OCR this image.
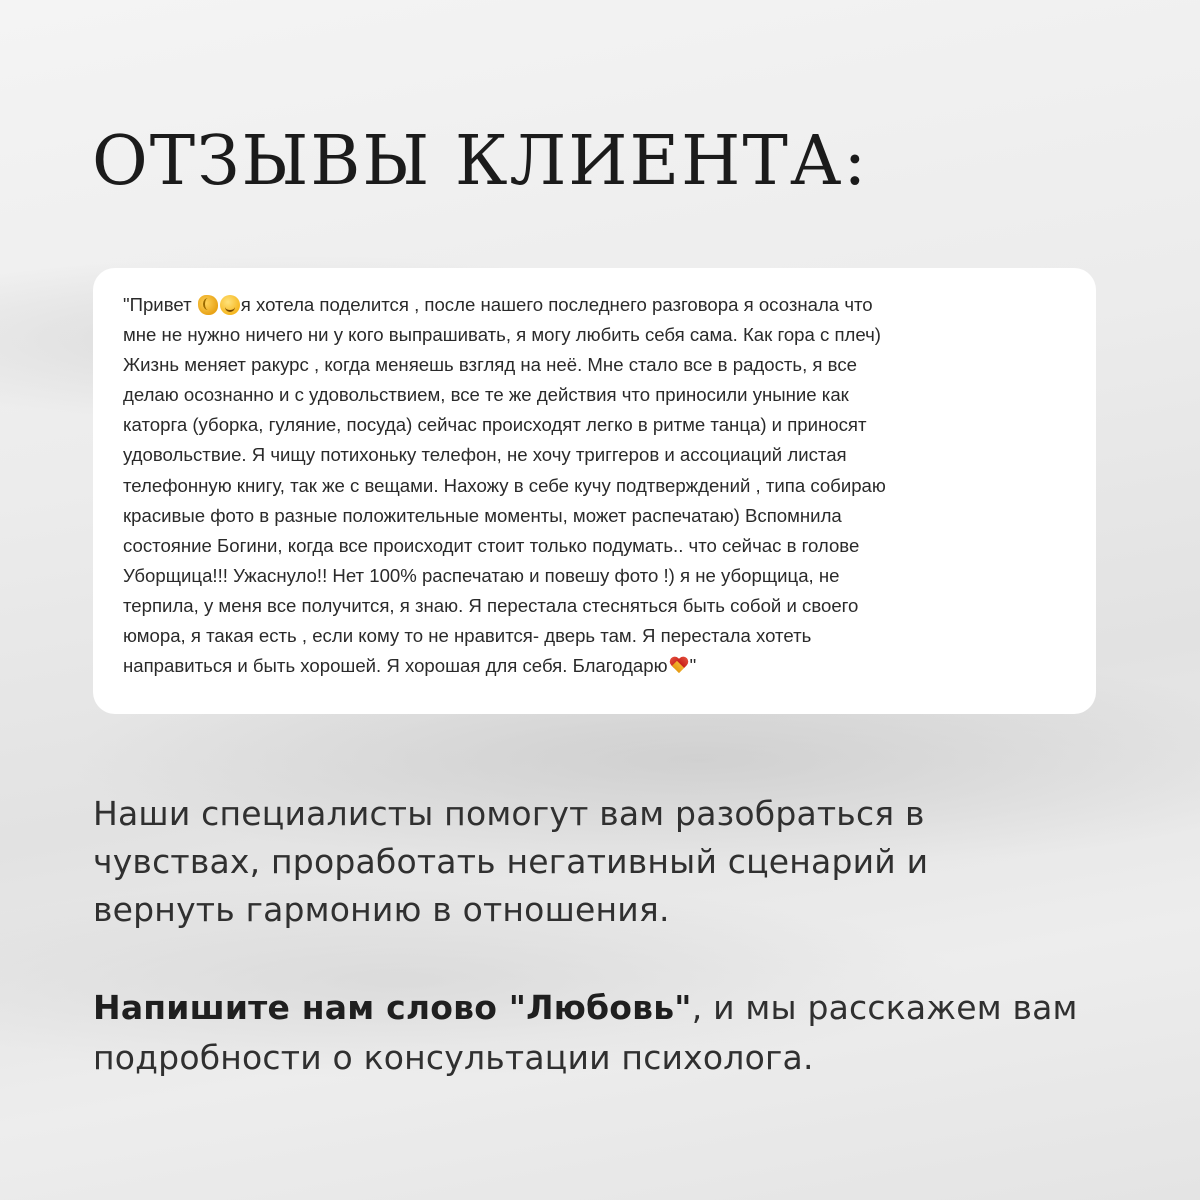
ОТЗЫВЫ КЛИЕНТА:

"Привет я хотела поделится , после нашего последнего разговора я осознала что
мне не нужно ничего ни у кого выпрашивать, я могу любить себя сама. Как гора с плеч)
Жизнь меняет ракурс , когда меняешь взгляд на неё. Мне стало все в радость, я все
делаю осознанно и с удовольствием, все те же действия что приносили уныние как
каторга (уборка, гуляние, посуда) сейчас происходят легко в ритме танца) и приносят
удовольствие. Я чищу потихоньку телефон, не хочу триггеров и ассоциаций листая
телефонную книгу, так же с вещами. Нахожу в себе кучу подтверждений , типа собираю
красивые фото в разные положительные моменты, может распечатаю) Вспомнила
состояние Богини, когда все происходит стоит только подумать.. что сейчас в голове
Уборщица!!! Ужаснуло!! Нет 100% распечатаю и повешу фото !) я не уборщица, не
терпила, у меня все получится, я знаю. Я перестала стесняться быть собой и своего
юмора, я такая есть , если кому то не нравится- дверь там. Я перестала хотеть
направиться и быть хорошей. Я хорошая для себя. Благодарю "

Наши специалисты помогут вам разобраться в
чувствах, проработать негативный сценарий и
вернуть гармонию в отношения.

Напишите нам слово "Любовь", и мы расскажем вам подробности о консультации психолога.
